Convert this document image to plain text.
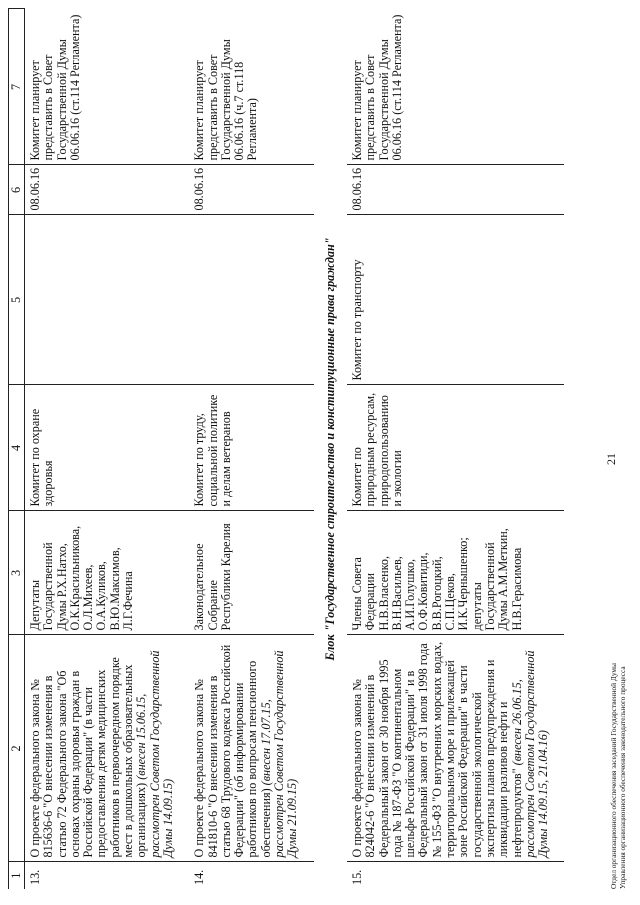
1	2	3	4	5	6	7
13.	О проекте федерального закона № 815636-6 "О внесении изменения в статью 72 Федерального закона "Об основах охраны здоровья граждан в Российской Федерации" (в части предоставления детям медицинских работников в первоочередном порядке мест в дошкольных образовательных организациях) (внесен 15.06.15, рассмотрен Советом Государственной Думы 14.09.15)	Депутаты Государственной Думы Р.Х.Натхо, О.К.Красильникова, О.Л.Михеев, О.А.Куликов, В.Ю.Максимов, Л.Г.Фечина	Комитет по охране здоровья		08.06.16	Комитет планирует представить в Совет Государственной Думы 06.06.16 (ст.114 Регламента)
14.	О проекте федерального закона № 841810-6 "О внесении изменения в статью 68 Трудового кодекса Российской Федерации" (об информировании работников по вопросам пенсионного обеспечения) (внесен 17.07.15, рассмотрен Советом Государственной Думы 21.09.15)	Законодательное Собрание Республики Карелия	Комитет по труду, социальной политике и делам ветеранов		08.06.16	Комитет планирует представить в Совет Государственной Думы 06.06.16 (ч.7 ст.118 Регламента)
Блок "Государственное строительство и конституционные права граждан"						
15.	О проекте федерального закона № 824042-6 "О внесении изменений в Федеральный закон от 30 ноября 1995 года № 187-ФЗ "О континентальном шельфе Российской Федерации" и в Федеральный закон от 31 июля 1998 года № 155-ФЗ "О внутренних морских водах, территориальном море и прилежащей зоне Российской Федерации" в части государственной экологической экспертизы планов предупреждения и ликвидации разливов нефти и нефтепродуктов" (внесен 26.06.15, рассмотрен Советом Государственной Думы 14.09.15, 21.04.16)	Члены Совета Федерации Н.В.Власенко, В.Н.Васильев, А.И.Голушко, О.Ф.Ковитиди, В.В.Рогоцкий, С.П.Цеков, И.К.Чернышенко; депутаты Государственной Думы А.М.Меткин, Н.В.Герасимова	Комитет по природным ресурсам, природопользованию и экологии	Комитет по транспорту	08.06.16	Комитет планирует представить в Совет Государственной Думы 06.06.16 (ст.114 Регламента)
21
Отдел организационного обеспечения заседаний Государственной Думы Управления организационного обеспечения законодательного процесса
